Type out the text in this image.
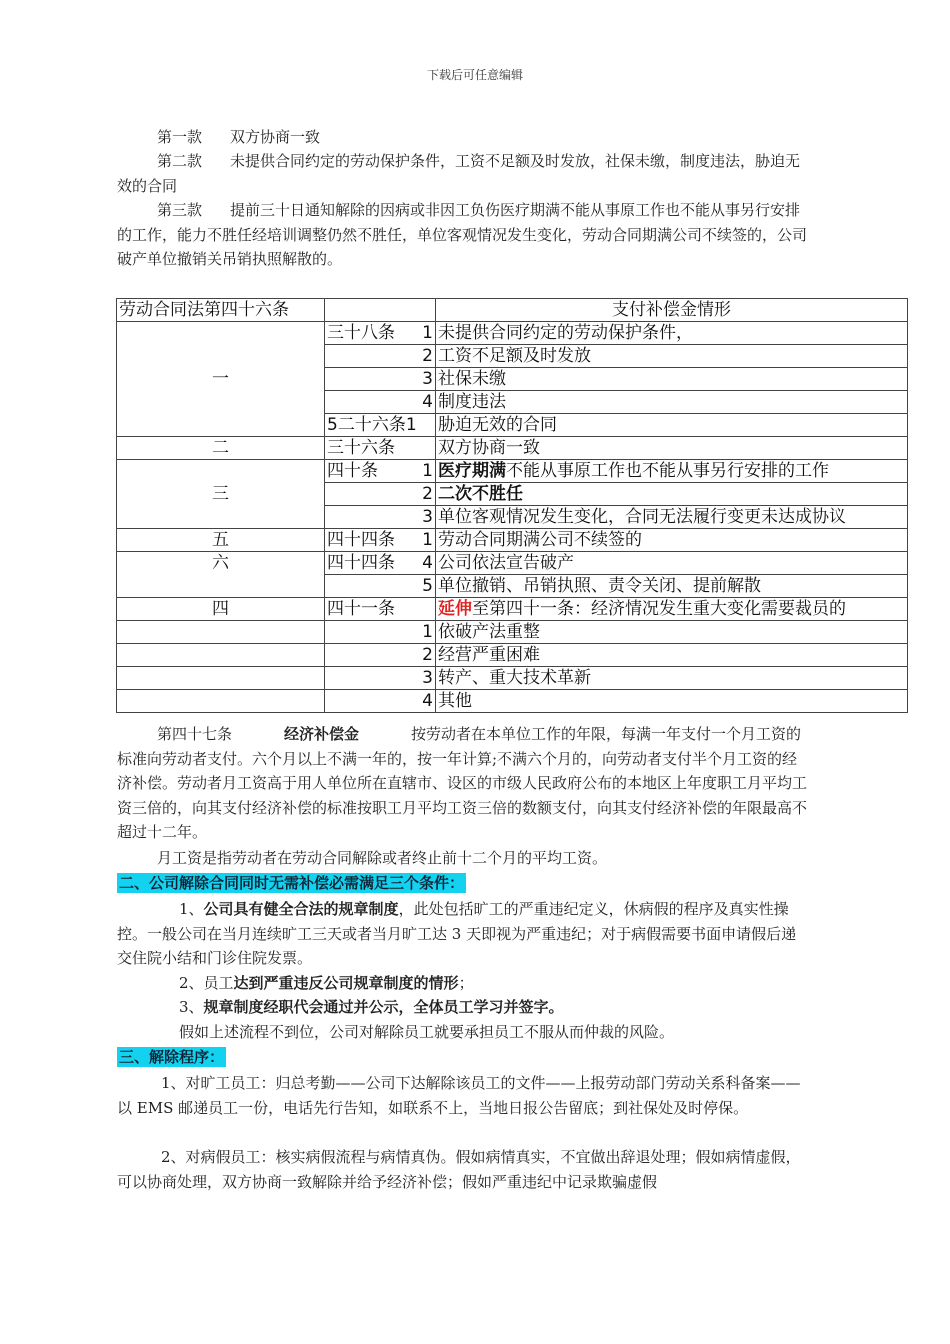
下载后可任意编辑

第一款 双方协商一致

第二款 未提供合同约定的劳动保护条件，工资不足额及时发放，社保未缴，制度违法，胁迫无效的合同

第三款 提前三十日通知解除的因病或非因工负伤医疗期满不能从事原工作也不能从事另行安排的工作，能力不胜任经培训调整仍然不胜任，单位客观情况发生变化，劳动合同期满公司不续签的，公司破产单位撤销关吊销执照解散的。

劳动合同法第四十六条		支付补偿金情形
一	三十八条 1	未提供合同约定的劳动保护条件，

	2	工资不足额及时发放

	3	社保未缴

	4	制度违法
	5二十六条1	胁迫无效的合同
二	三十六条	双方协商一致
三	四十条 1	医疗期满不能从事原工作也不能从事另行安排的工作

	2	二次不胜任

	3	单位客观情况发生变化，合同无法履行变更未达成协议
五	四十四条 1	劳动合同期满公司不续签的
六	四十四条 4	公司依法宣告破产

	5	单位撤销、吊销执照、责令关闭、提前解散
四	四十一条	延伸至第四十一条：经济情况发生重大变化需要裁员的

	1	依破产法重整

	2	经营严重困难

	3	转产、重大技术革新

	4	其他

第四十七条	经济补偿金	按劳动者在本单位工作的年限，每满一年支付一个月工资的标准向劳动者支付。六个月以上不满一年的，按一年计算;不满六个月的，向劳动者支付半个月工资的经济补偿。劳动者月工资高于用人单位所在直辖市、设区的市级人民政府公布的本地区上年度职工月平均工资三倍的，向其支付经济补偿的标准按职工月平均工资三倍的数额支付，向其支付经济补偿的年限最高不超过十二年。

月工资是指劳动者在劳动合同解除或者终止前十二个月的平均工资。

二、公司解除合同同时无需补偿必需满足三个条件：

1、公司具有健全合法的规章制度，此处包括旷工的严重违纪定义，休病假的程序及真实性操控。一般公司在当月连续旷工三天或者当月旷工达 3 天即视为严重违纪；对于病假需要书面申请假后递交住院小结和门诊住院发票。

2、员工达到严重违反公司规章制度的情形；

3、规章制度经职代会通过并公示，全体员工学习并签字。

假如上述流程不到位，公司对解除员工就要承担员工不服从而仲裁的风险。

三、解除程序：

1、对旷工员工：归总考勤——公司下达解除该员工的文件——上报劳动部门劳动关系科备案——以 EMS 邮递员工一份，电话先行告知，如联系不上，当地日报公告留底；到社保处及时停保。

2、对病假员工：核实病假流程与病情真伪。假如病情真实，不宜做出辞退处理；假如病情虚假，可以协商处理，双方协商一致解除并给予经济补偿；假如严重违纪中记录欺骗虚假
